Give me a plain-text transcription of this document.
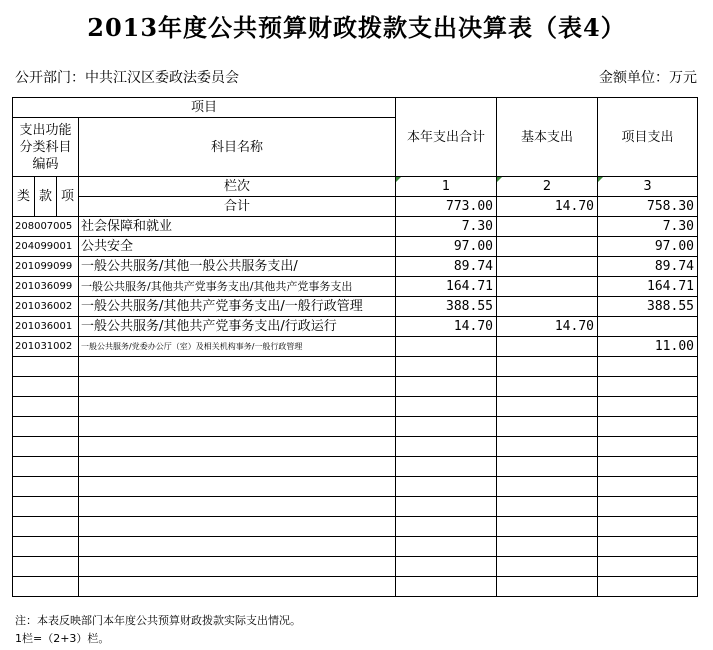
2013年度公共预算财政拨款支出决算表（表4）
公开部门：中共江汉区委政法委员会	金额单位：万元
项目				本年支出合计	基本支出	项目支出
支出功能分类科目编码			科目名称			

类	款	项	栏次	1	2	3
			合计	773.00	14.70	758.30
208007005			社会保障和就业	7.30		7.30
204099001			公共安全	97.00		97.00
201099099			一般公共服务/其他一般公共服务支出/	89.74		89.74
201036099			一般公共服务/其他共产党事务支出/其他共产党事务支出	164.71		164.71
201036002			一般公共服务/其他共产党事务支出/一般行政管理	388.55		388.55
201036001			一般公共服务/其他共产党事务支出/行政运行	14.70	14.70	
201031002			一般公共服务/党委办公厅（室）及相关机构事务/一般行政管理			11.00

注：本表反映部门本年度公共预算财政拨款实际支出情况。
1栏=（2+3）栏。
